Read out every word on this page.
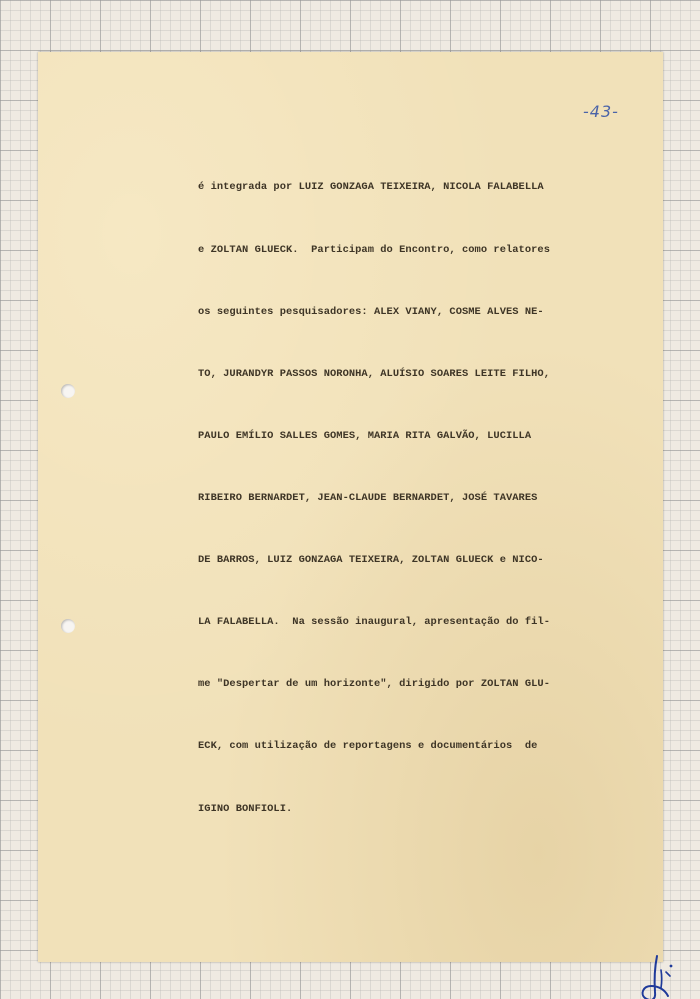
-43-

é integrada por LUIZ GONZAGA TEIXEIRA, NICOLA FALABELLA

e ZOLTAN GLUECK.  Participam do Encontro, como relatores

os seguintes pesquisadores: ALEX VIANY, COSME ALVES NE-

TO, JURANDYR PASSOS NORONHA, ALUÍSIO SOARES LEITE FILHO,

PAULO EMÍLIO SALLES GOMES, MARIA RITA GALVÃO, LUCILLA

RIBEIRO BERNARDET, JEAN-CLAUDE BERNARDET, JOSÉ TAVARES

DE BARROS, LUIZ GONZAGA TEIXEIRA, ZOLTAN GLUECK e NICO-

LA FALABELLA.  Na sessão inaugural, apresentação do fil-

me "Despertar de um horizonte", dirigido por ZOLTAN GLU-

ECK, com utilização de reportagens e documentários  de

IGINO BONFIOLI.
